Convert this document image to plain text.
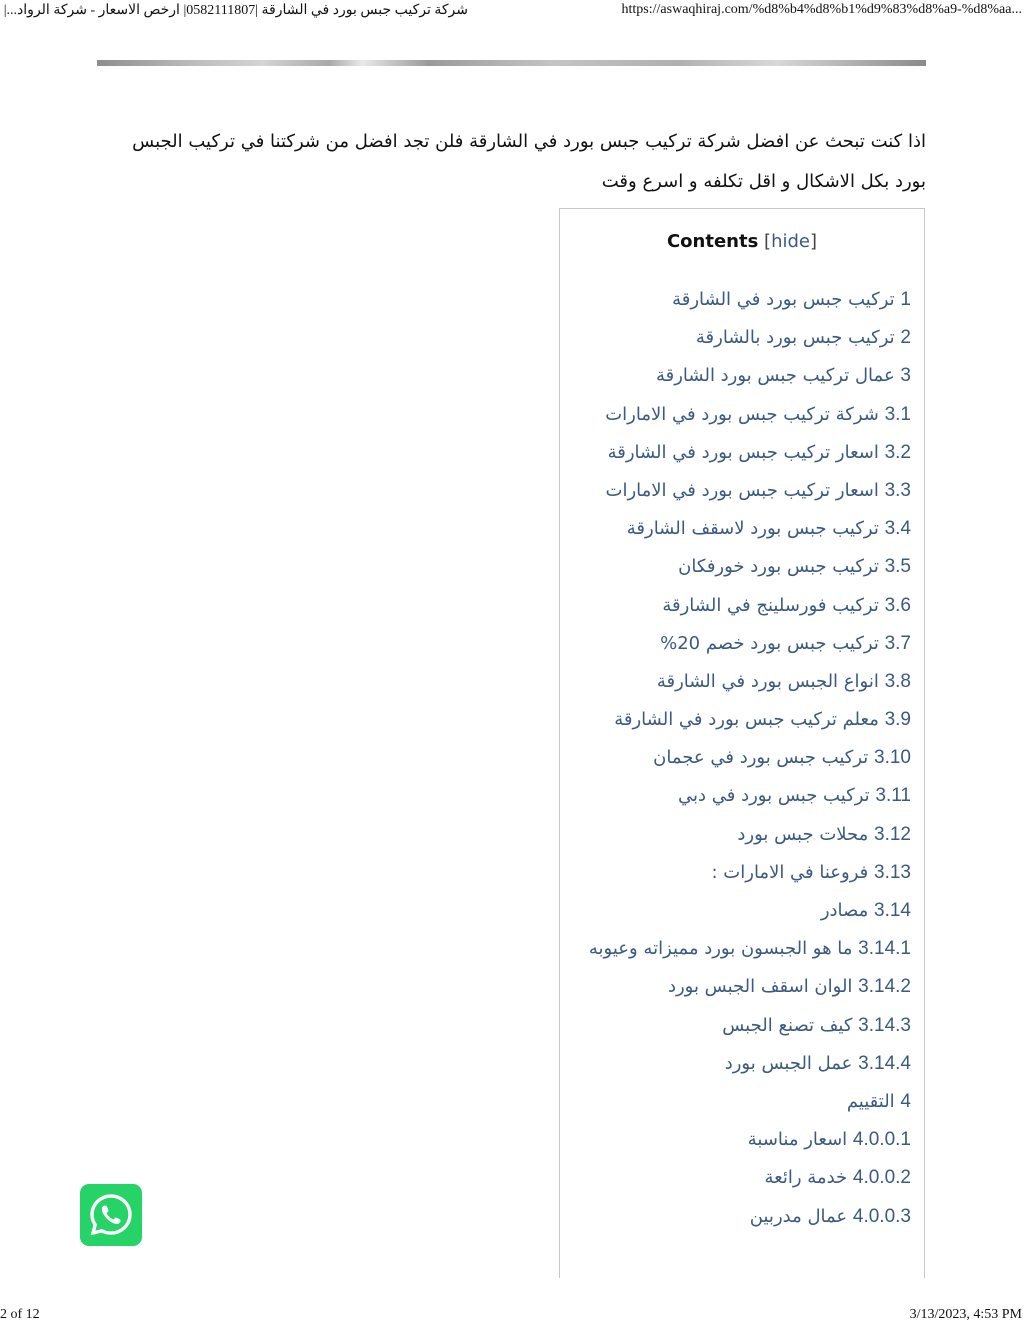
شركة تركيب جبس بورد في الشارقة |0582111807| ارخص الاسعار - شركة الرواد...|	https://aswaqhiraj.com/%d8%b4%d8%b1%d9%83%d8%a9-%d8%aa...

اذا كنت تبحث عن افضل شركة تركيب جبس بورد في الشارقة فلن تجد افضل من شركتنا في تركيب الجبس بورد بكل الاشكال و اقل تكلفه و اسرع وقت

Contents [hide]
1 تركيب جبس بورد في الشارقة
2 تركيب جبس بورد بالشارقة
3 عمال تركيب جبس بورد الشارقة
3.1 شركة تركيب جبس بورد في الامارات
3.2 اسعار تركيب جبس بورد في الشارقة
3.3 اسعار تركيب جبس بورد في الامارات
3.4 تركيب جبس بورد لاسقف الشارقة
3.5 تركيب جبس بورد خورفكان
3.6 تركيب فورسلينج في الشارقة
3.7 تركيب جبس بورد خصم 20%
3.8 انواع الجبس بورد في الشارقة
3.9 معلم تركيب جبس بورد في الشارقة
3.10 تركيب جبس بورد في عجمان
3.11 تركيب جبس بورد في دبي
3.12 محلات جبس بورد
3.13 فروعنا في الامارات :
3.14 مصادر
3.14.1 ما هو الجبسون بورد مميزاته وعيوبه
3.14.2 الوان اسقف الجبس بورد
3.14.3 كيف تصنع الجبس
3.14.4 عمل الجبس بورد
4 التقييم
4.0.0.1 اسعار مناسبة
4.0.0.2 خدمة رائعة
4.0.0.3 عمال مدربين
2 of 12	3/13/2023, 4:53 PM
